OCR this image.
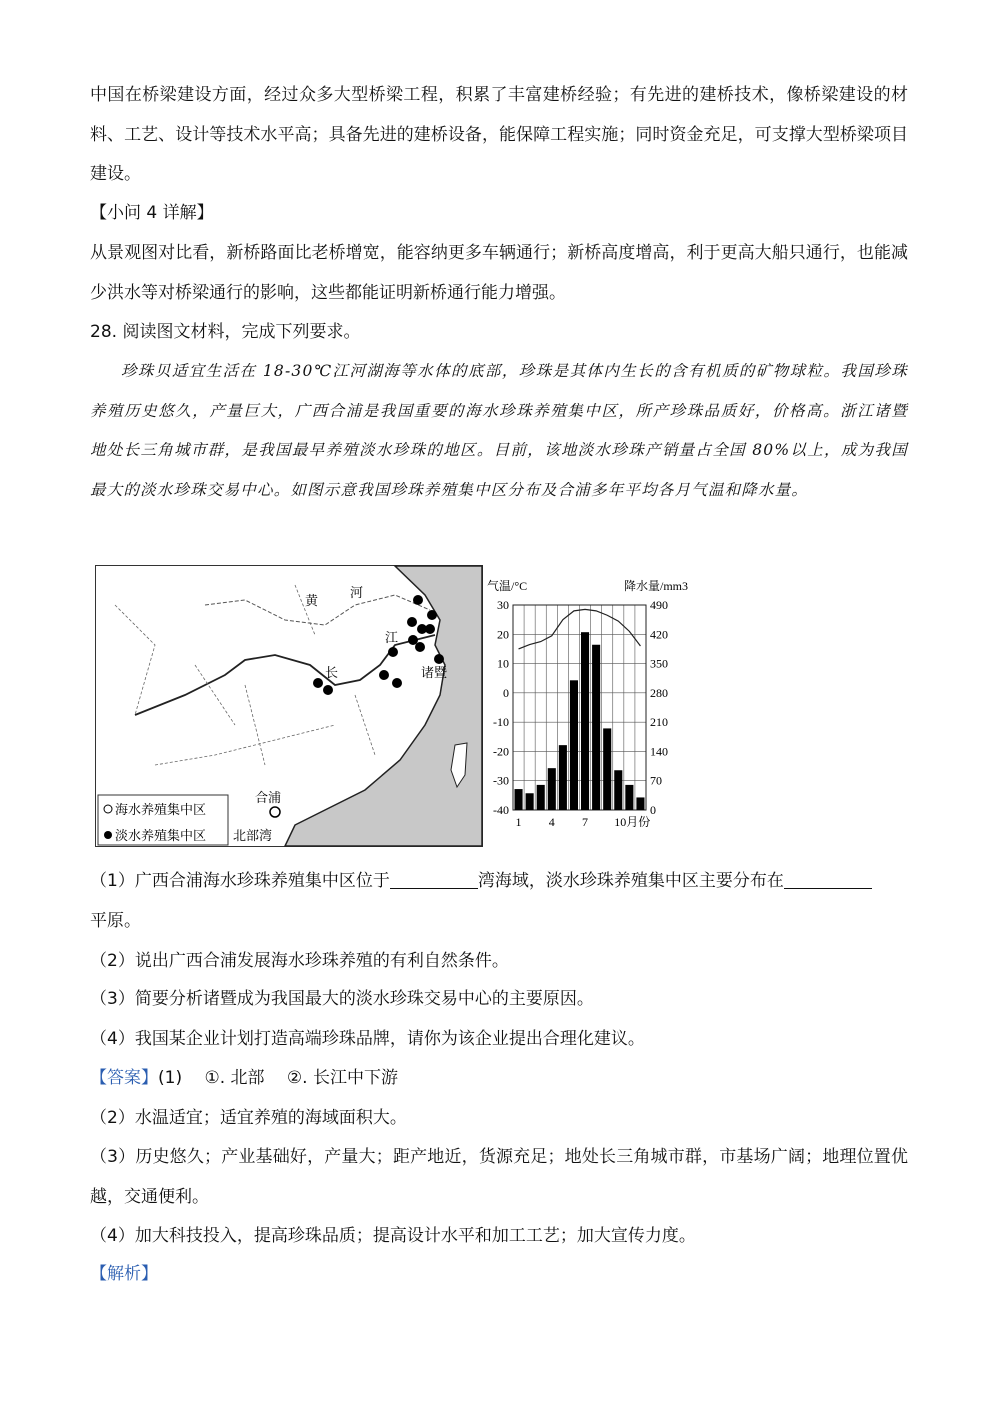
中国在桥梁建设方面，经过众多大型桥梁工程，积累了丰富建桥经验；有先进的建桥技术，像桥梁建设的材料、工艺、设计等技术水平高；具备先进的建桥设备，能保障工程实施；同时资金充足，可支撑大型桥梁项目建设。

【小问 4 详解】

从景观图对比看，新桥路面比老桥增宽，能容纳更多车辆通行；新桥高度增高，利于更高大船只通行，也能减少洪水等对桥梁通行的影响，这些都能证明新桥通行能力增强。

28. 阅读图文材料，完成下列要求。

珍珠贝适宜生活在 18-30℃江河湖海等水体的底部，珍珠是其体内生长的含有机质的矿物球粒。我国珍珠养殖历史悠久，产量巨大，广西合浦是我国重要的海水珍珠养殖集中区，所产珍珠品质好，价格高。浙江诸暨地处长三角城市群，是我国最早养殖淡水珍珠的地区。目前，该地淡水珍珠产销量占全国 80%以上，成为我国最大的淡水珍珠交易中心。如图示意我国珍珠养殖集中区分布及合浦多年平均各月气温和降水量。

黄
河
江
长	诸暨
合浦
北部湾
海水养殖集中区
淡水养殖集中区
30
20
10
0
-10
-20
-30
-40
490
420
350
280
210
140
70
0
1 4 7 10月份
气温/°C	降水量/mm3

（1）广西合浦海水珍珠养殖集中区位于	湾海域，淡水珍珠养殖集中区主要分布在
平原。

（2）说出广西合浦发展海水珍珠养殖的有利自然条件。

（3）简要分析诸暨成为我国最大的淡水珍珠交易中心的主要原因。

（4）我国某企业计划打造高端珍珠品牌，请你为该企业提出合理化建议。

【答案】(1)　 ①. 北部　 ②. 长江中下游

（2）水温适宜；适宜养殖的海域面积大。

（3）历史悠久；产业基础好，产量大；距产地近，货源充足；地处长三角城市群，市基场广阔；地理位置优越，交通便利。

（4）加大科技投入，提高珍珠品质；提高设计水平和加工工艺；加大宣传力度。

【解析】
